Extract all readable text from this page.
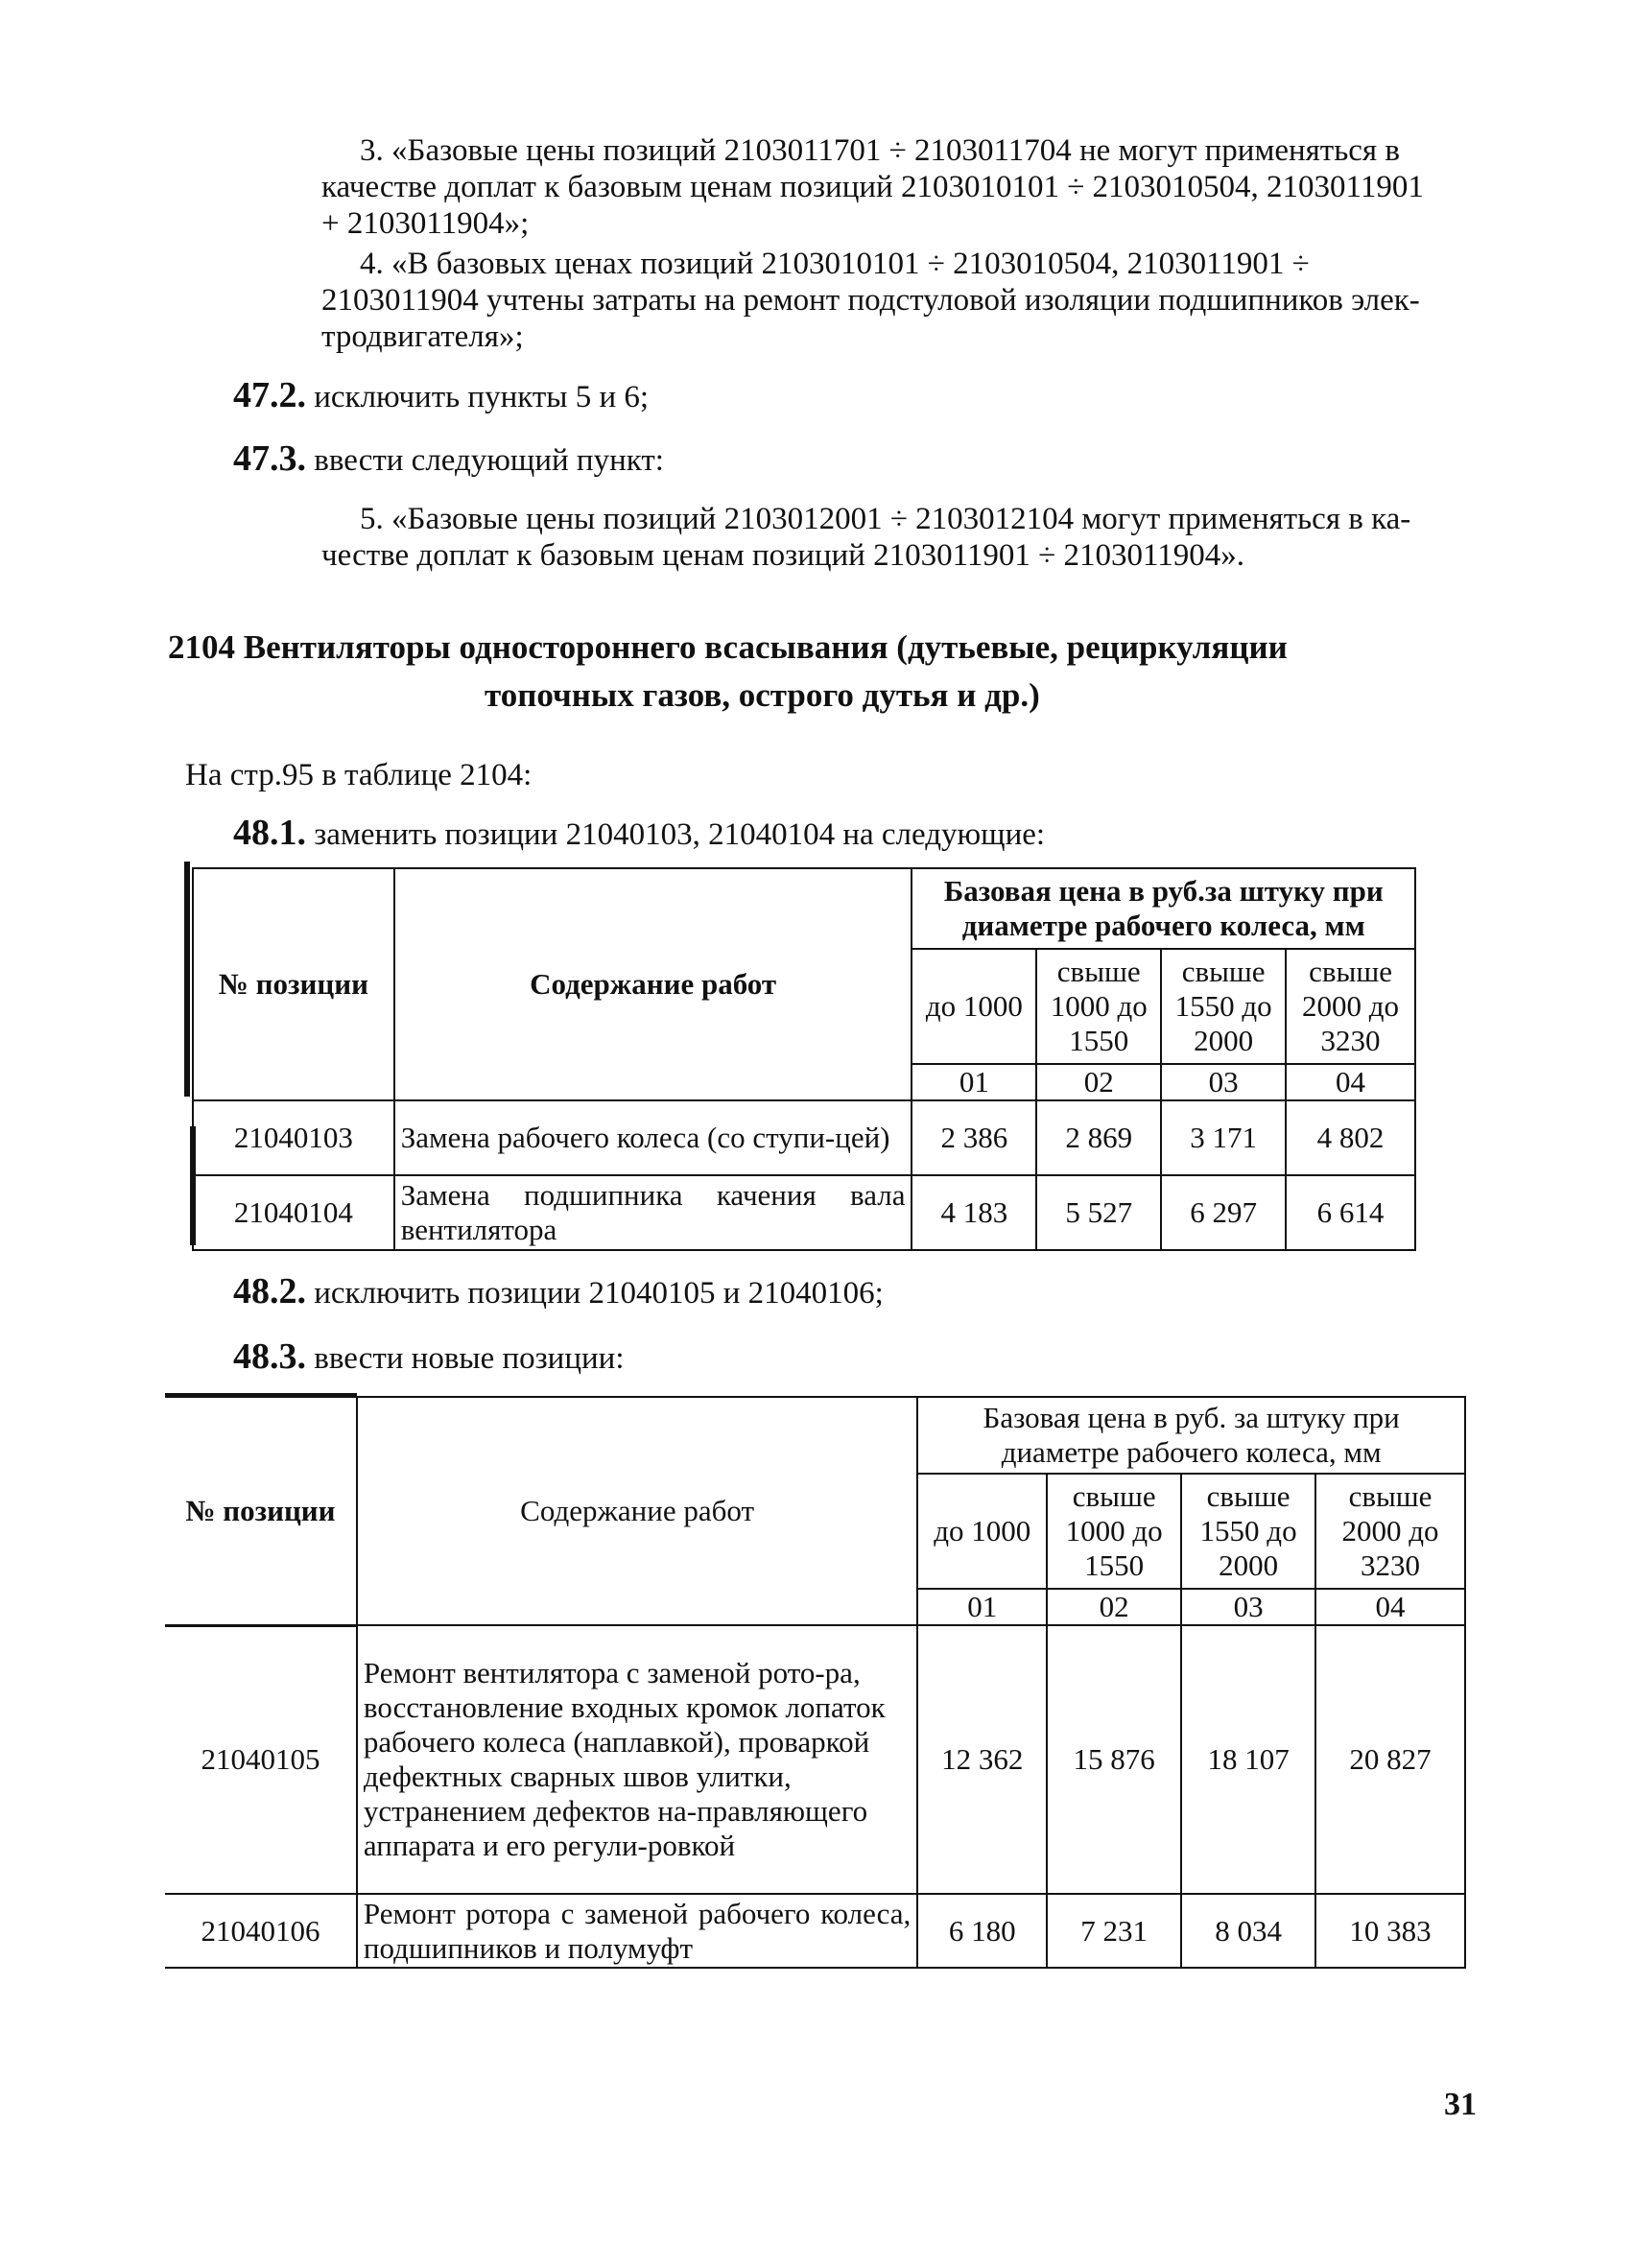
3. «Базовые цены позиций 2103011701 ÷ 2103011704 не могут применяться в
качестве доплат к базовым ценам позиций 2103010101 ÷ 2103010504, 2103011901
+ 2103011904»;
4. «В базовых ценах позиций 2103010101 ÷ 2103010504, 2103011901 ÷
2103011904 учтены затраты на ремонт подстуловой изоляции подшипников элек-
тродвигателя»;
47.2. исключить пункты 5 и 6;
47.3. ввести следующий пункт:
5. «Базовые цены позиций 2103012001 ÷ 2103012104 могут применяться в ка-
честве доплат к базовым ценам позиций 2103011901 ÷ 2103011904».
2104 Вентиляторы одностороннего всасывания (дутьевые, рециркуляции
топочных газов, острого дутья и др.)
На стр.95 в таблице 2104:
48.1. заменить позиции 21040103, 21040104 на следующие:
№ позиции	Содержание работ	Базовая цена в руб.за штуку при диаметре рабочего колеса, мм			
		до 1000	свыше 1000 до 1550	свыше 1550 до 2000	свыше 2000 до 3230
		01	02	03	04
21040103	Замена рабочего колеса (со ступи-цей)	2 386	2 869	3 171	4 802
21040104	Замена подшипника качения вала вентилятора	4 183	5 527	6 297	6 614
48.2. исключить позиции 21040105 и 21040106;
48.3. ввести новые позиции:
№ позиции	Содержание работ	Базовая цена в руб. за штуку при диаметре рабочего колеса, мм			
		до 1000	свыше 1000 до 1550	свыше 1550 до 2000	свыше 2000 до 3230
		01	02	03	04
21040105	Ремонт вентилятора с заменой рото-ра, восстановление входных кромок лопаток рабочего колеса (наплавкой), проваркой дефектных сварных швов улитки, устранением дефектов на-правляющего аппарата и его регули-ровкой	12 362	15 876	18 107	20 827
21040106	Ремонт ротора с заменой рабочего колеса, подшипников и полумуфт	6 180	7 231	8 034	10 383
31
